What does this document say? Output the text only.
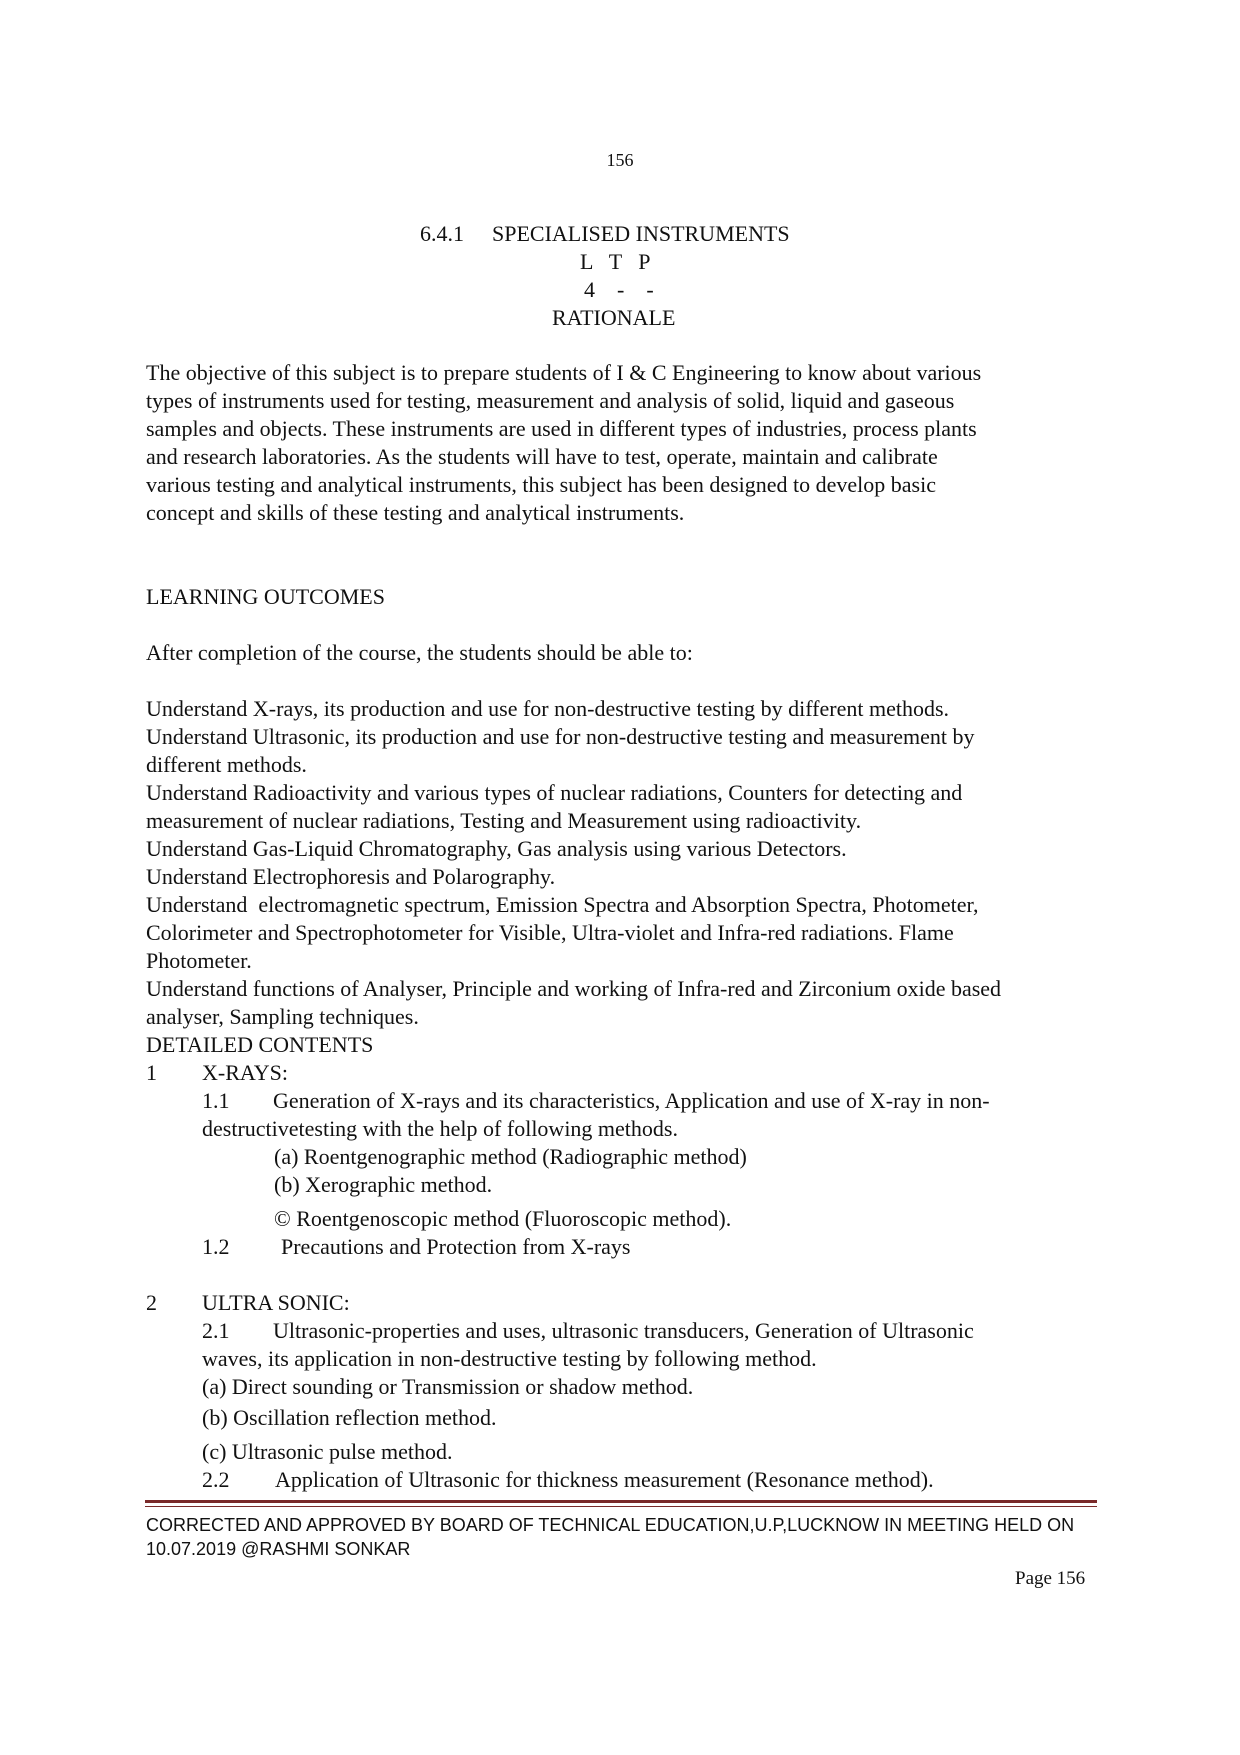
156
6.4.1 SPECIALISED INSTRUMENTS
L   T   P
4    -    -
RATIONALE
The objective of this subject is to prepare students of I & C Engineering to know about various
types of instruments used for testing, measurement and analysis of solid, liquid and gaseous
samples and objects. These instruments are used in different types of industries, process plants
and research laboratories. As the students will have to test, operate, maintain and calibrate
various testing and analytical instruments, this subject has been designed to develop basic
concept and skills of these testing and analytical instruments.
LEARNING OUTCOMES
After completion of the course, the students should be able to:
Understand X-rays, its production and use for non-destructive testing by different methods.
Understand Ultrasonic, its production and use for non-destructive testing and measurement by
different methods.
Understand Radioactivity and various types of nuclear radiations, Counters for detecting and
measurement of nuclear radiations, Testing and Measurement using radioactivity.
Understand Gas-Liquid Chromatography, Gas analysis using various Detectors.
Understand Electrophoresis and Polarography.
Understand  electromagnetic spectrum, Emission Spectra and Absorption Spectra, Photometer,
Colorimeter and Spectrophotometer for Visible, Ultra-violet and Infra-red radiations. Flame
Photometer.
Understand functions of Analyser, Principle and working of Infra-red and Zirconium oxide based
analyser, Sampling techniques.
DETAILED CONTENTS
1 X-RAYS:
1.1 Generation of X-rays and its characteristics, Application and use of X-ray in non-
destructivetesting with the help of following methods.
(a) Roentgenographic method (Radiographic method)
(b) Xerographic method.
© Roentgenoscopic method (Fluoroscopic method).
1.2 Precautions and Protection from X-rays
2 ULTRA SONIC:
2.1 Ultrasonic-properties and uses, ultrasonic transducers, Generation of Ultrasonic
waves, its application in non-destructive testing by following method.
(a) Direct sounding or Transmission or shadow method.
(b) Oscillation reflection method.
(c) Ultrasonic pulse method.
2.2 Application of Ultrasonic for thickness measurement (Resonance method).
CORRECTED AND APPROVED BY BOARD OF TECHNICAL EDUCATION,U.P,LUCKNOW IN MEETING HELD ON
10.07.2019 @RASHMI SONKAR
Page 156
